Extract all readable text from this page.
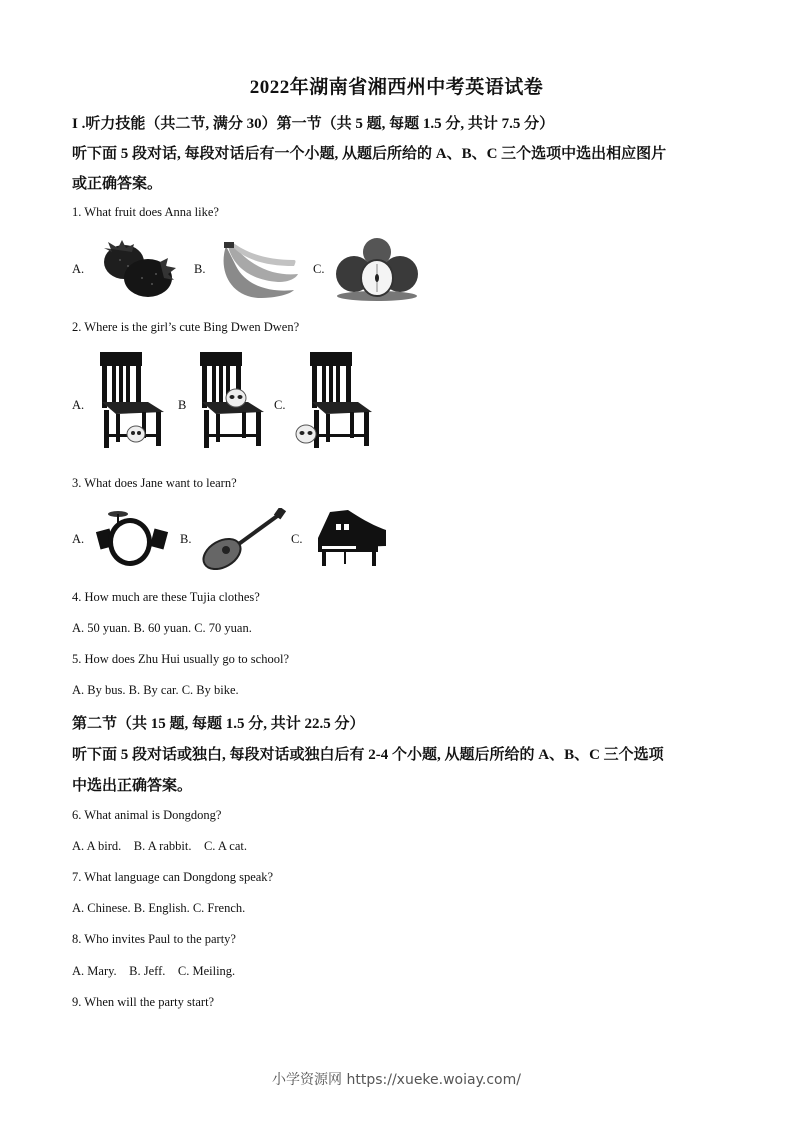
2022年湖南省湘西州中考英语试卷
I .听力技能（共二节, 满分 30）第一节（共 5 题, 每题 1.5 分, 共计 7.5 分）
听下面 5 段对话, 每段对话后有一个小题, 从题后所给的 A、B、C 三个选项中选出相应图片
或正确答案。
1. What fruit does Anna like?
A.	B.	C.
2. Where is the girl’s cute Bing Dwen Dwen?
A.	B	C.
3. What does Jane want to learn?
A.	B.	C.
4. How much are these Tujia clothes?
A. 50 yuan. B. 60 yuan. C. 70 yuan.
5. How does Zhu Hui usually go to school?
A. By bus. B. By car. C. By bike.
第二节（共 15 题, 每题 1.5 分, 共计 22.5 分）
听下面 5 段对话或独白, 每段对话或独白后有 2-4 个小题, 从题后所给的 A、B、C 三个选项
中选出正确答案。
6. What animal is Dongdong?
A. A bird.    B. A rabbit.    C. A cat.
7. What language can Dongdong speak?
A. Chinese. B. English. C. French.
8. Who invites Paul to the party?
A. Mary.    B. Jeff.    C. Meiling.
9. When will the party start?
小学资源网 https://xueke.woiay.com/
